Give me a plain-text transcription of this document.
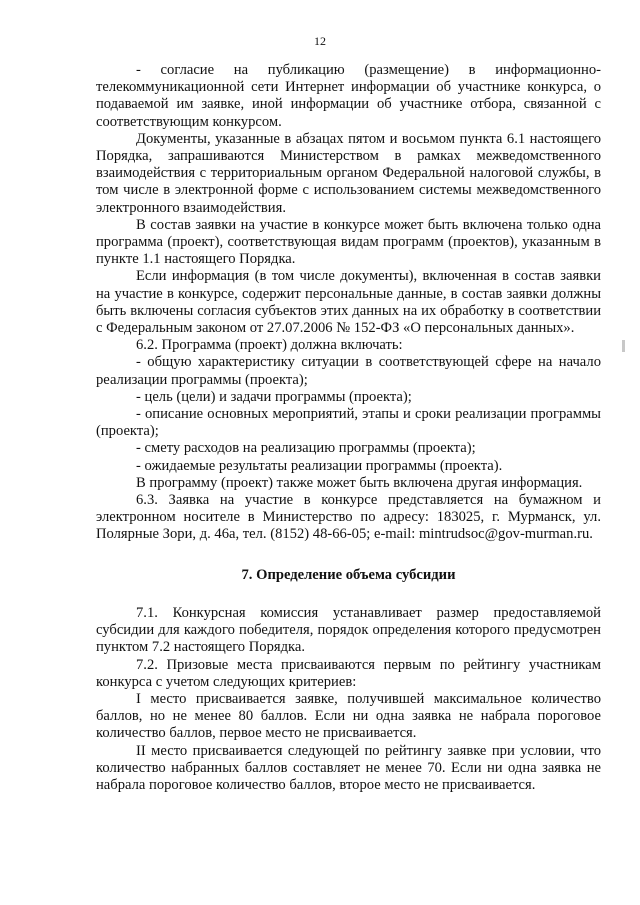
12

- согласие на публикацию (размещение) в информационно-телекоммуникационной сети Интернет информации об участнике конкурса, о подаваемой им заявке, иной информации об участнике отбора, связанной с соответствующим конкурсом.

Документы, указанные в абзацах пятом и восьмом пункта 6.1 настоящего Порядка, запрашиваются Министерством в рамках межведомственного взаимодействия с территориальным органом Федеральной налоговой службы, в том числе в электронной форме с использованием системы межведомственного электронного взаимодействия.

В состав заявки на участие в конкурсе может быть включена только одна программа (проект), соответствующая видам программ (проектов), указанным в пункте 1.1 настоящего Порядка.

Если информация (в том числе документы), включенная в состав заявки на участие в конкурсе, содержит персональные данные, в состав заявки должны быть включены согласия субъектов этих данных на их обработку в соответствии с Федеральным законом от 27.07.2006 № 152-ФЗ «О персональных данных».

6.2. Программа (проект) должна включать:

- общую характеристику ситуации в соответствующей сфере на начало реализации программы (проекта);

- цель (цели) и задачи программы (проекта);

- описание основных мероприятий, этапы и сроки реализации программы (проекта);

- смету расходов на реализацию программы (проекта);

- ожидаемые результаты реализации программы (проекта).

В программу (проект) также может быть включена другая информация.

6.3. Заявка на участие в конкурсе представляется на бумажном и электронном носителе в Министерство по адресу: 183025, г. Мурманск, ул. Полярные Зори, д. 46а, тел. (8152) 48-66-05; e-mail: mintrudsoc@gov-murman.ru.

7. Определение объема субсидии

7.1. Конкурсная комиссия устанавливает размер предоставляемой субсидии для каждого победителя, порядок определения которого предусмотрен пунктом 7.2 настоящего Порядка.

7.2. Призовые места присваиваются первым по рейтингу участникам конкурса с учетом следующих критериев:

I место присваивается заявке, получившей максимальное количество баллов, но не менее 80 баллов. Если ни одна заявка не набрала пороговое количество баллов, первое место не присваивается.

II место присваивается следующей по рейтингу заявке при условии, что количество набранных баллов составляет не менее 70. Если ни одна заявка не набрала пороговое количество баллов, второе место не присваивается.
